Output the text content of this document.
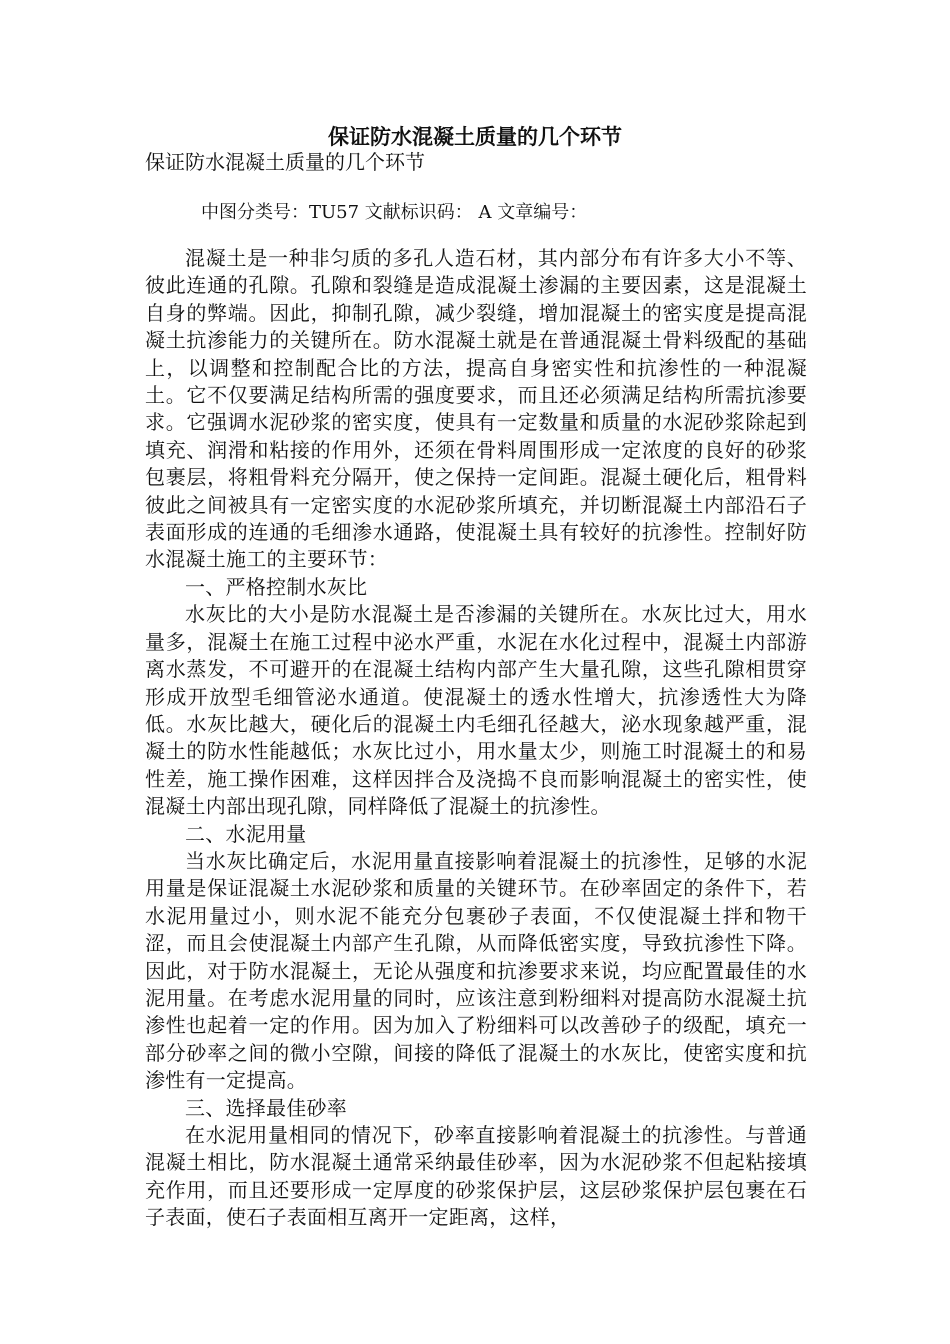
保证防水混凝土质量的几个环节
保证防水混凝土质量的几个环节
中图分类号：TU57 文献标识码： A 文章编号：

混凝土是一种非匀质的多孔人造石材，其内部分布有许多大小不等、彼此连通的孔隙。孔隙和裂缝是造成混凝土渗漏的主要因素，这是混凝土自身的弊端。因此，抑制孔隙，减少裂缝，增加混凝土的密实度是提高混凝土抗渗能力的关键所在。防水混凝土就是在普通混凝土骨料级配的基础上，以调整和控制配合比的方法，提高自身密实性和抗渗性的一种混凝土。它不仅要满足结构所需的强度要求，而且还必须满足结构所需抗渗要求。它强调水泥砂浆的密实度，使具有一定数量和质量的水泥砂浆除起到填充、润滑和粘接的作用外，还须在骨料周围形成一定浓度的良好的砂浆包裹层，将粗骨料充分隔开，使之保持一定间距。混凝土硬化后，粗骨料彼此之间被具有一定密实度的水泥砂浆所填充，并切断混凝土内部沿石子表面形成的连通的毛细渗水通路，使混凝土具有较好的抗渗性。控制好防水混凝土施工的主要环节：

一、严格控制水灰比

水灰比的大小是防水混凝土是否渗漏的关键所在。水灰比过大，用水量多，混凝土在施工过程中泌水严重，水泥在水化过程中，混凝土内部游离水蒸发，不可避开的在混凝土结构内部产生大量孔隙，这些孔隙相贯穿形成开放型毛细管泌水通道。使混凝土的透水性增大，抗渗透性大为降低。水灰比越大，硬化后的混凝土内毛细孔径越大，泌水现象越严重，混凝土的防水性能越低；水灰比过小，用水量太少，则施工时混凝土的和易性差，施工操作困难，这样因拌合及浇捣不良而影响混凝土的密实性，使混凝土内部出现孔隙，同样降低了混凝土的抗渗性。

二、水泥用量

当水灰比确定后，水泥用量直接影响着混凝土的抗渗性，足够的水泥用量是保证混凝土水泥砂浆和质量的关键环节。在砂率固定的条件下，若水泥用量过小，则水泥不能充分包裹砂子表面，不仅使混凝土拌和物干涩，而且会使混凝土内部产生孔隙，从而降低密实度，导致抗渗性下降。因此，对于防水混凝土，无论从强度和抗渗要求来说，均应配置最佳的水泥用量。在考虑水泥用量的同时，应该注意到粉细料对提高防水混凝土抗渗性也起着一定的作用。因为加入了粉细料可以改善砂子的级配，填充一部分砂率之间的微小空隙，间接的降低了混凝土的水灰比，使密实度和抗渗性有一定提高。

三、选择最佳砂率

在水泥用量相同的情况下，砂率直接影响着混凝土的抗渗性。与普通混凝土相比，防水混凝土通常采纳最佳砂率，因为水泥砂浆不但起粘接填充作用，而且还要形成一定厚度的砂浆保护层，这层砂浆保护层包裹在石子表面，使石子表面相互离开一定距离，这样，
